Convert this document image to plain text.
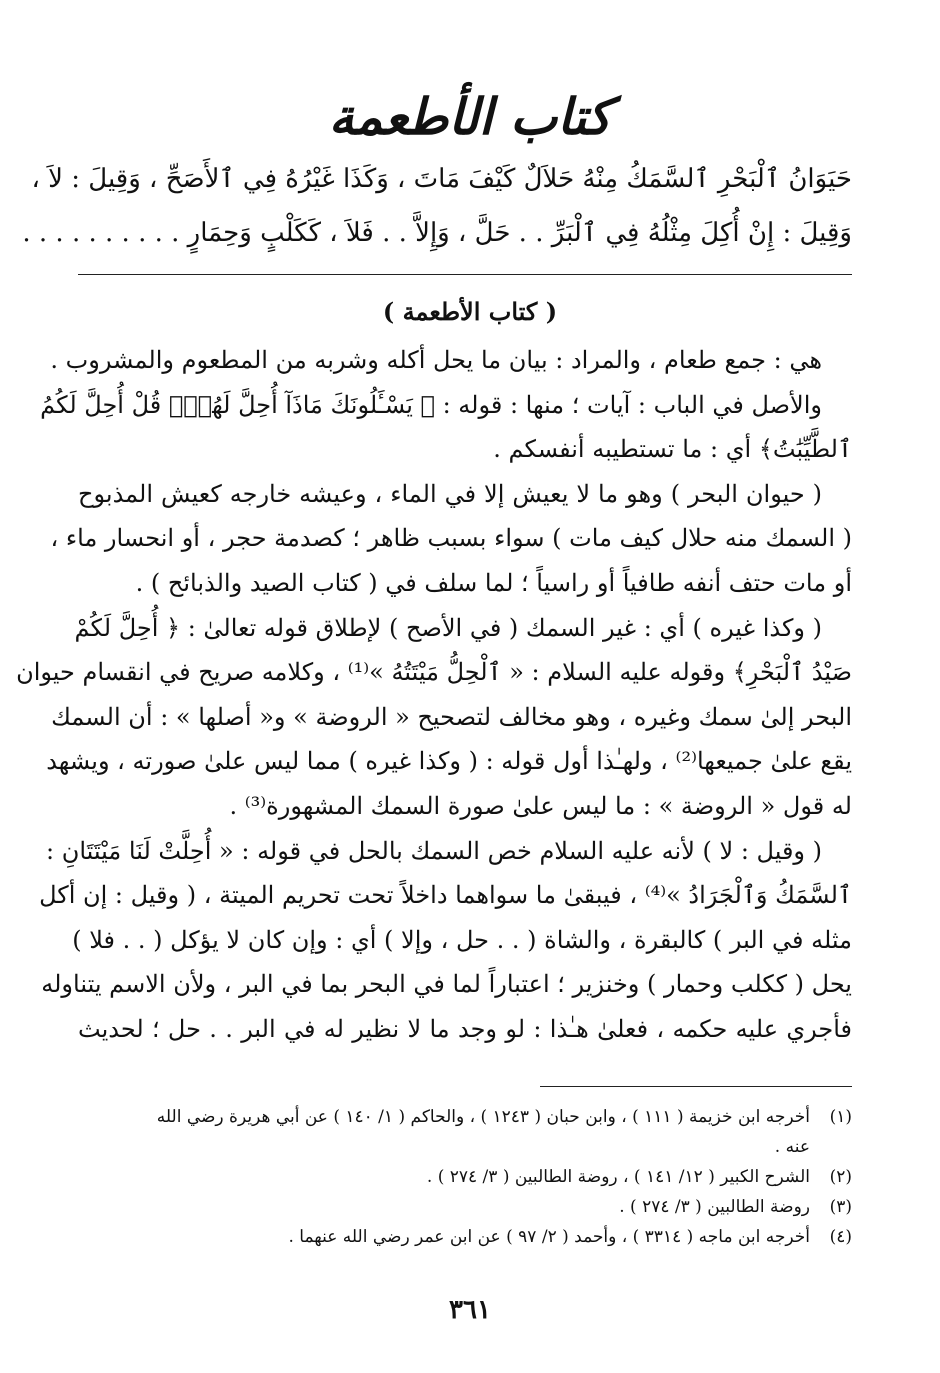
كتاب الأطعمة
حَيَوَانُ ٱلْبَحْرِ ٱلسَّمَكُ مِنْهُ حَلاَلٌ كَيْفَ مَاتَ ، وَكَذَا غَيْرُهُ فِي ٱلأَصَحِّ ، وَقِيلَ : لاَ ،
وَقِيلَ : إِنْ أُكِلَ مِثْلُهُ فِي ٱلْبَرِّ . . حَلَّ ، وَإِلاَّ . . فَلاَ ، كَكَلْبٍ وَحِمَارٍ . . . . . . . . . .
( كتاب الأطعمة )
هي : جمع طعام ، والمراد : بيان ما يحل أكله وشربه من المطعوم والمشروب .
والأصل في الباب : آيات ؛ منها : قوله : ﴿ يَسْـَٔلُونَكَ مَاذَآ أُحِلَّ لَهُمْۖ قُلْ أُحِلَّ لَكُمُ
ٱلطَّيِّبَٰتُ﴾ أي : ما تستطيبه أنفسكم .
( حيوان البحر ) وهو ما لا يعيش إلا في الماء ، وعيشه خارجه كعيش المذبوح
( السمك منه حلال كيف مات ) سواء بسبب ظاهر ؛ كصدمة حجر ، أو انحسار ماء ،
أو مات حتف أنفه طافياً أو راسياً ؛ لما سلف في ( كتاب الصيد والذبائح ) .
( وكذا غيره ) أي : غير السمك ( في الأصح ) لإطلاق قوله تعالىٰ : ﴿ أُحِلَّ لَكُمْ
صَيْدُ ٱلْبَحْرِ﴾ وقوله عليه السلام : « ٱلْحِلُّ مَيْتَتُهُ »⁽¹⁾ ، وكلامه صريح في انقسام حيوان
البحر إلىٰ سمك وغيره ، وهو مخالف لتصحيح « الروضة » و« أصلها » : أن السمك
يقع علىٰ جميعها⁽²⁾ ، ولهـٰذا أول قوله : ( وكذا غيره ) مما ليس علىٰ صورته ، ويشهد
له قول « الروضة » : ما ليس علىٰ صورة السمك المشهورة⁽³⁾ .
( وقيل : لا ) لأنه عليه السلام خص السمك بالحل في قوله : « أُحِلَّتْ لَنَا مَيْتَتَانِ :
ٱلسَّمَكُ وَٱلْجَرَادُ »⁽⁴⁾ ، فيبقىٰ ما سواهما داخلاً تحت تحريم الميتة ، ( وقيل : إن أكل
مثله في البر ) كالبقرة ، والشاة ( . . حل ، وإلا ) أي : وإن كان لا يؤكل ( . . فلا )
يحل ( ككلب وحمار ) وخنزير ؛ اعتباراً لما في البحر بما في البر ، ولأن الاسم يتناوله
فأجري عليه حكمه ، فعلىٰ هـٰذا : لو وجد ما لا نظير له في البر . . حل ؛ لحديث
(١)أخرجه ابن خزيمة ( ١١١ ) ، وابن حبان ( ١٢٤٣ ) ، والحاكم ( ١/ ١٤٠ ) عن أبي هريرة رضي الله
عنه .
(٢)الشرح الكبير ( ١٢/ ١٤١ ) ، روضة الطالبين ( ٣/ ٢٧٤ ) .
(٣)روضة الطالبين ( ٣/ ٢٧٤ ) .
(٤)أخرجه ابن ماجه ( ٣٣١٤ ) ، وأحمد ( ٢/ ٩٧ ) عن ابن عمر رضي الله عنهما .
٣٦١
